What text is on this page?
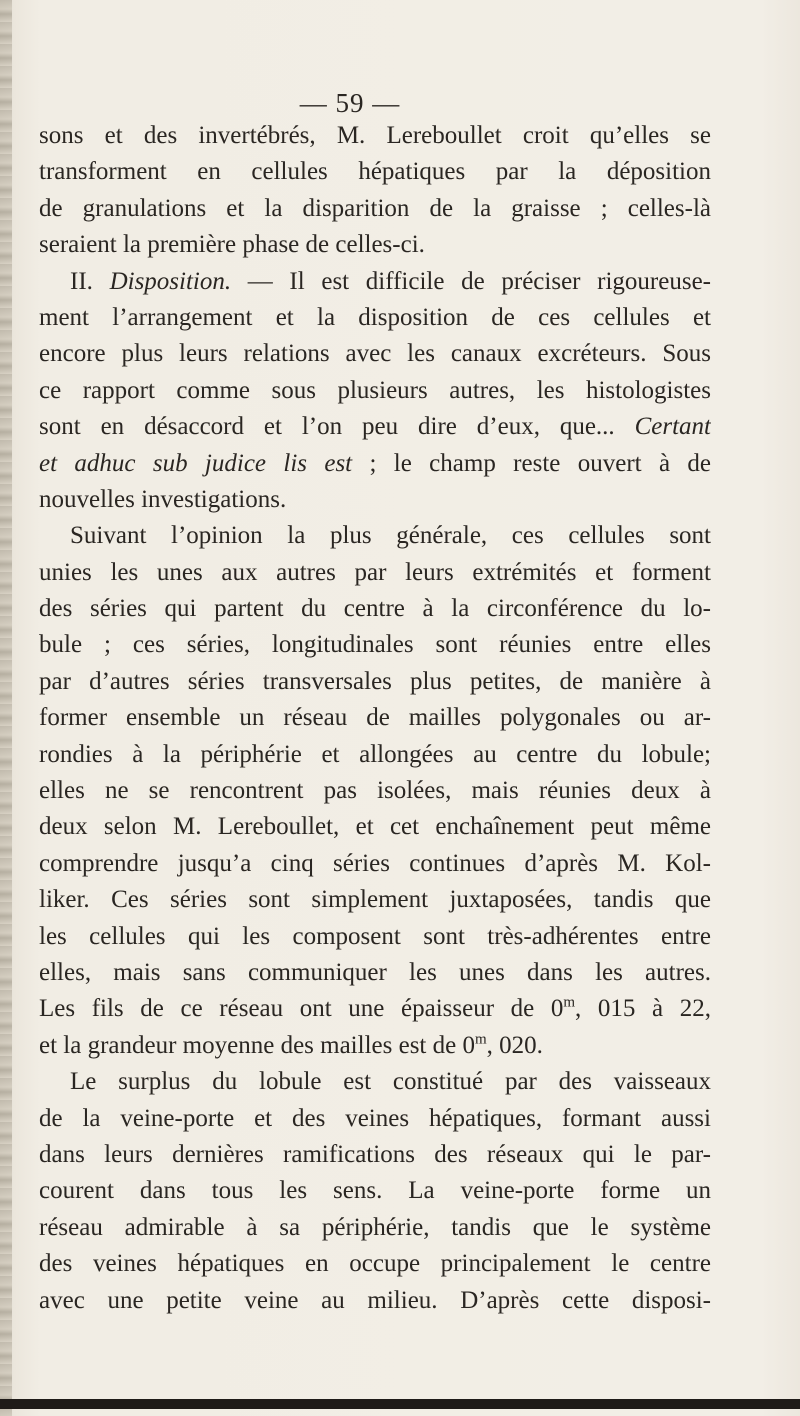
— 59 —
sons et des invertébrés, M. Lereboullet croit qu’elles se
transforment en cellules hépatiques par la déposition
de granulations et la disparition de la graisse ; celles-là
seraient la première phase de celles-ci.
II. Disposition. — Il est difficile de préciser rigoureuse-
ment l’arrangement et la disposition de ces cellules et
encore plus leurs relations avec les canaux excréteurs. Sous
ce rapport comme sous plusieurs autres, les histologistes
sont en désaccord et l’on peu dire d’eux, que... Certant
et adhuc sub judice lis est ; le champ reste ouvert à de
nouvelles investigations.
Suivant l’opinion la plus générale, ces cellules sont
unies les unes aux autres par leurs extrémités et forment
des séries qui partent du centre à la circonférence du lo-
bule ; ces séries, longitudinales sont réunies entre elles
par d’autres séries transversales plus petites, de manière à
former ensemble un réseau de mailles polygonales ou ar-
rondies à la périphérie et allongées au centre du lobule;
elles ne se rencontrent pas isolées, mais réunies deux à
deux selon M. Lereboullet, et cet enchaînement peut même
comprendre jusqu’a cinq séries continues d’après M. Kol-
liker. Ces séries sont simplement juxtaposées, tandis que
les cellules qui les composent sont très-adhérentes entre
elles, mais sans communiquer les unes dans les autres.
Les fils de ce réseau ont une épaisseur de 0$^m$, 015 à 22,
et la grandeur moyenne des mailles est de 0$^m$, 020.
Le surplus du lobule est constitué par des vaisseaux
de la veine-porte et des veines hépatiques, formant aussi
dans leurs dernières ramifications des réseaux qui le par-
courent dans tous les sens. La veine-porte forme un
réseau admirable à sa périphérie, tandis que le système
des veines hépatiques en occupe principalement le centre
avec une petite veine au milieu. D’après cette disposi-
